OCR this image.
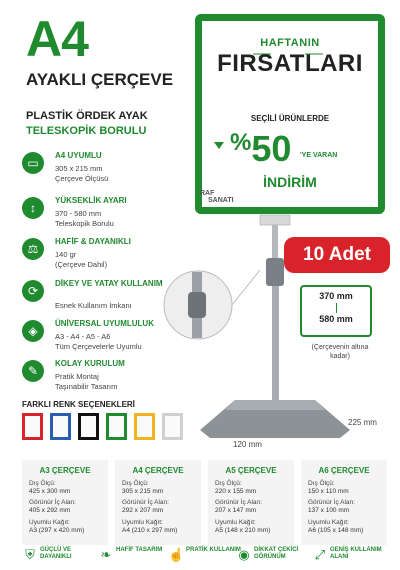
A4
AYAKLI ÇERÇEVE
PLASTİK ÖRDEK AYAK
TELESKOPİK BORULU
▭
A4 UYUMLU
305 x 215 mm
Çerçeve Ölçüsü
↕
YÜKSEKLİK AYARI
370 - 580 mm
Teleskopik Borulu
⚖
HAFİF & DAYANIKLI
140 gr
(Çerçeve Dahil)
⟳
DİKEY VE YATAY KULLANIM
Esnek Kullanım İmkanı
◈
ÜNİVERSAL UYUMLULUK
A3 - A4 - A5 - A6
Tüm Çerçevelerle Uyumlu
✎
KOLAY KURULUM
Pratik Montaj
Taşınabilir Tasarım
HAFTANIN
FIRSATLARI
SEÇİLİ ÜRÜNLERDE
%50 'YE VARAN
İNDİRİM
RAF
SANATI
10 Adet
370 mm
580 mm
(Çerçevenin altına kadar)
120 mm
225 mm
FARKLI RENK SEÇENEKLERİ
A3 ÇERÇEVE
Dış Ölçü:
425 x 300 mm
Görünür İç Alan:
405 x 292 mm
Uyumlu Kağıt:
A3 (297 x 420 mm)
A4 ÇERÇEVE
Dış Ölçü:
305 x 215 mm
Görünür İç Alan:
292 x 207 mm
Uyumlu Kağıt:
A4 (210 x 297 mm)
A5 ÇERÇEVE
Dış Ölçü:
220 x 155 mm
Görünür İç Alan:
207 x 147 mm
Uyumlu Kağıt:
A5 (148 x 210 mm)
A6 ÇERÇEVE
Dış Ölçü:
150 x 110 mm
Görünür İç Alan:
137 x 100 mm
Uyumlu Kağıt:
A6 (105 x 148 mm)
⛨ GÜÇLÜ VE DAYANIKLI	❧ HAFİF TASARIM ☝ PRATİK KULLANIM
◉ DİKKAT ÇEKİCİ GÖRÜNÜM	⤢ GENİŞ KULLANIM ALANI
